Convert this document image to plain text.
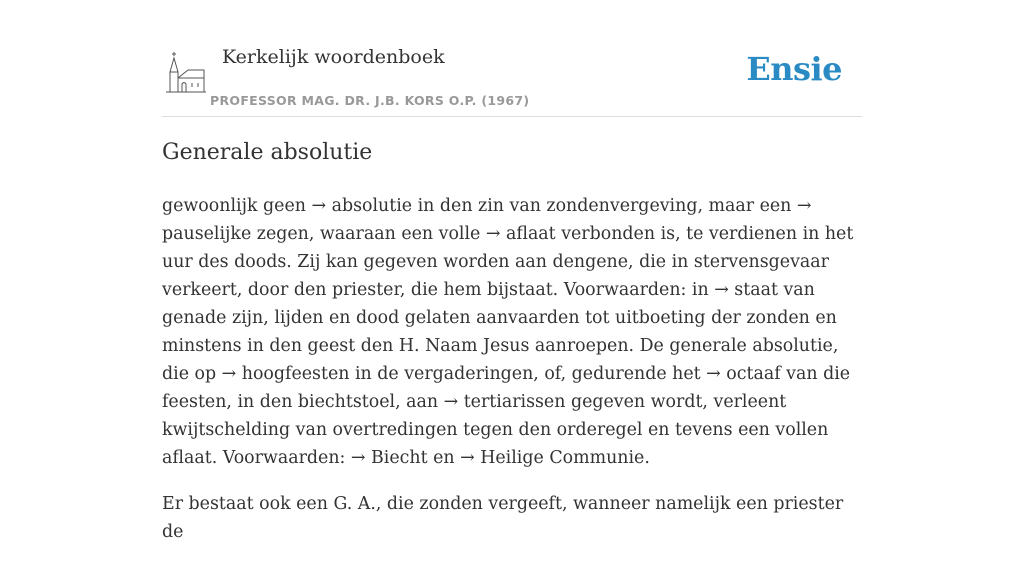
Kerkelijk woordenboek
PROFESSOR MAG. DR. J.B. KORS O.P. (1967)
Ensie
Generale absolutie

gewoonlijk geen → absolutie in den zin van zondenvergeving, maar een → pauselijke zegen, waaraan een volle → aflaat verbonden is, te verdienen in het uur des doods. Zij kan gegeven worden aan dengene, die in stervensgevaar verkeert, door den priester, die hem bijstaat. Voorwaarden: in → staat van genade zijn, lijden en dood gelaten aanvaarden tot uitboeting der zonden en minstens in den geest den H. Naam Jesus aanroepen. De generale absolutie, die op → hoogfeesten in de vergaderingen, of, gedurende het → octaaf van die feesten, in den biechtstoel, aan → tertiarissen gegeven wordt, verleent kwijtschelding van overtredingen tegen den orderegel en tevens een vollen aflaat. Voorwaarden: → Biecht en → Heilige Communie.

Er bestaat ook een G. A., die zonden vergeeft, wanneer namelijk een priester de
